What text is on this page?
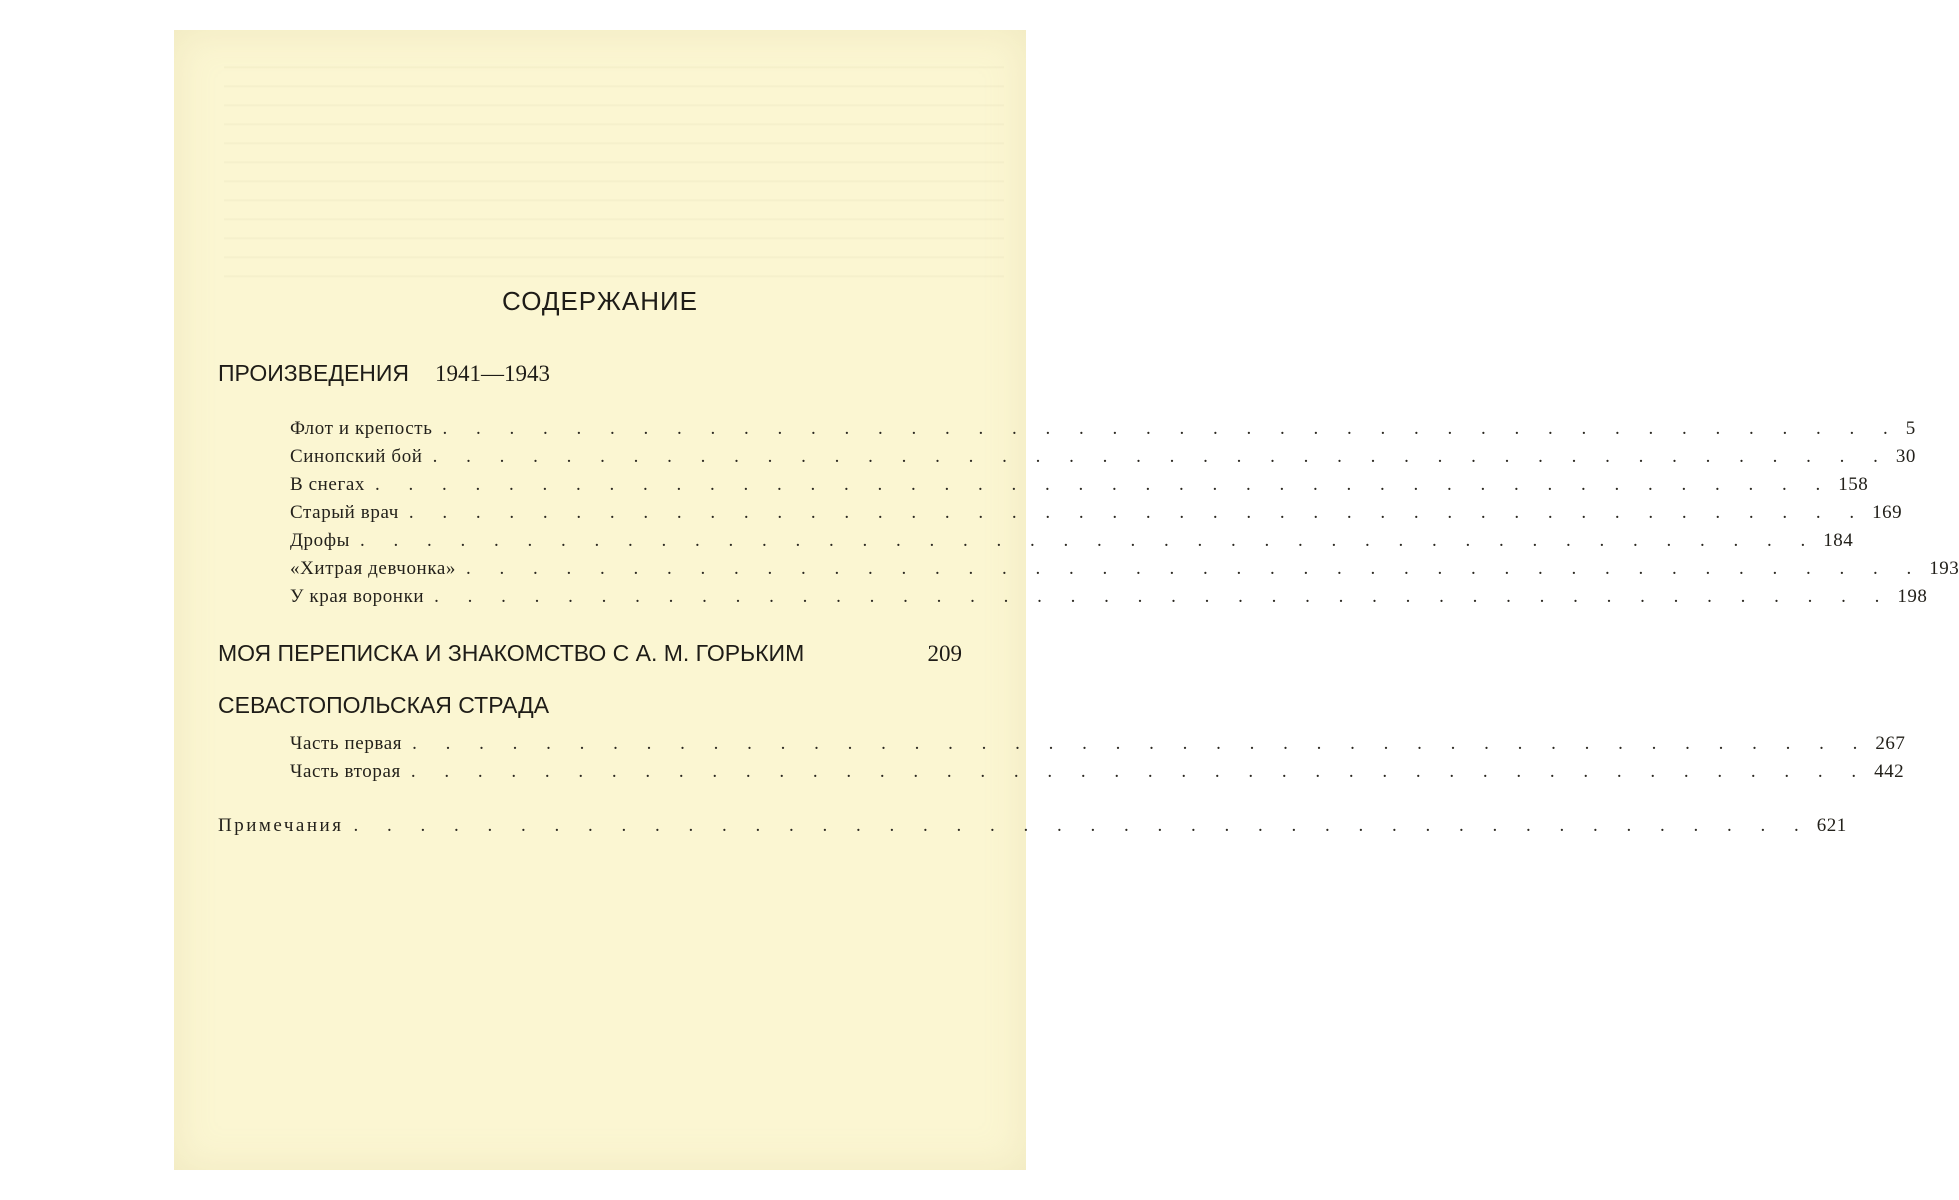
СОДЕРЖАНИЕ
ПРОИЗВЕДЕНИЯ 1941—1943
Флот и крепость . . . . . . . . . . . . . . . . . . . . . . . . . . . . . . . . . . . . . . . . . . . . 5
Синопский бой . . . . . . . . . . . . . . . . . . . . . . . . . . . . . . . . . . . . . . . . . . . . 30
В снегах . . . . . . . . . . . . . . . . . . . . . . . . . . . . . . . . . . . . . . . . . . . . 158
Старый врач . . . . . . . . . . . . . . . . . . . . . . . . . . . . . . . . . . . . . . . . . . . . 169
Дрофы . . . . . . . . . . . . . . . . . . . . . . . . . . . . . . . . . . . . . . . . . . . . 184
«Хитрая девчонка» . . . . . . . . . . . . . . . . . . . . . . . . . . . . . . . . . . . . . . . . . . . . 193
У края воронки . . . . . . . . . . . . . . . . . . . . . . . . . . . . . . . . . . . . . . . . . . . . 198
МОЯ ПЕРЕПИСКА И ЗНАКОМСТВО С А. М. ГОРЬКИМ	209
СЕВАСТОПОЛЬСКАЯ СТРАДА
Часть первая . . . . . . . . . . . . . . . . . . . . . . . . . . . . . . . . . . . . . . . . . . . . 267
Часть вторая . . . . . . . . . . . . . . . . . . . . . . . . . . . . . . . . . . . . . . . . . . . . 442
Примечания . . . . . . . . . . . . . . . . . . . . . . . . . . . . . . . . . . . . . . . . . . . . 621
